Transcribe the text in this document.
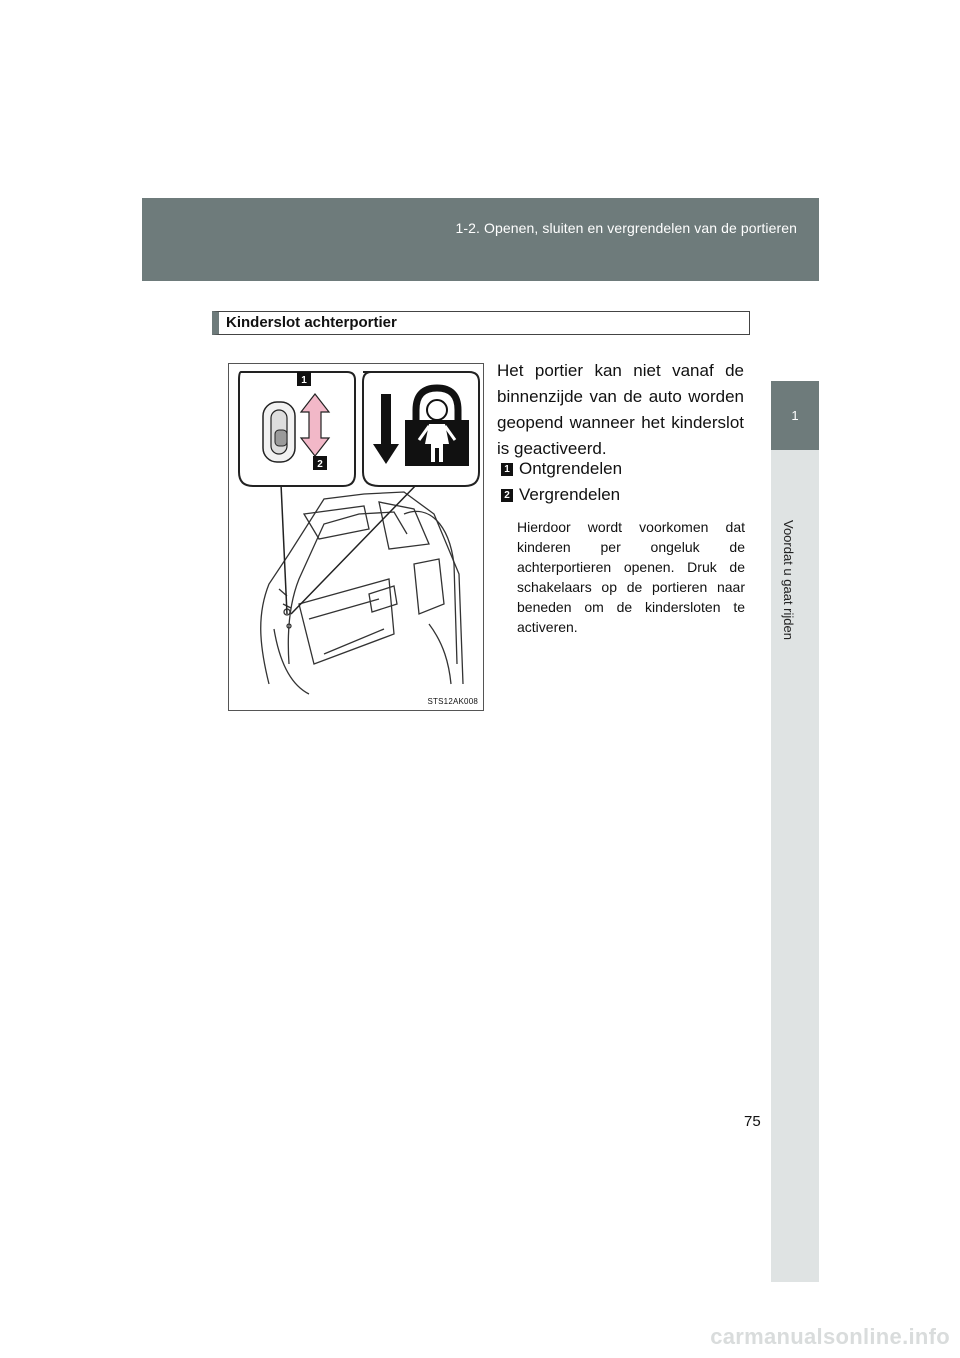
1-2. Openen, sluiten en vergrendelen van de portieren
1
Voordat u gaat rijden
Kinderslot achterportier
1
2
STS12AK008
Het portier kan niet vanaf de binnenzijde van de auto worden geopend wanneer het kinderslot is geactiveerd.
1 Ontgrendelen
2 Vergrendelen
Hierdoor wordt voorkomen dat kinderen per ongeluk de achterportieren openen. Druk de schakelaars op de portieren naar beneden om de kindersloten te activeren.
75
carmanualsonline.info
